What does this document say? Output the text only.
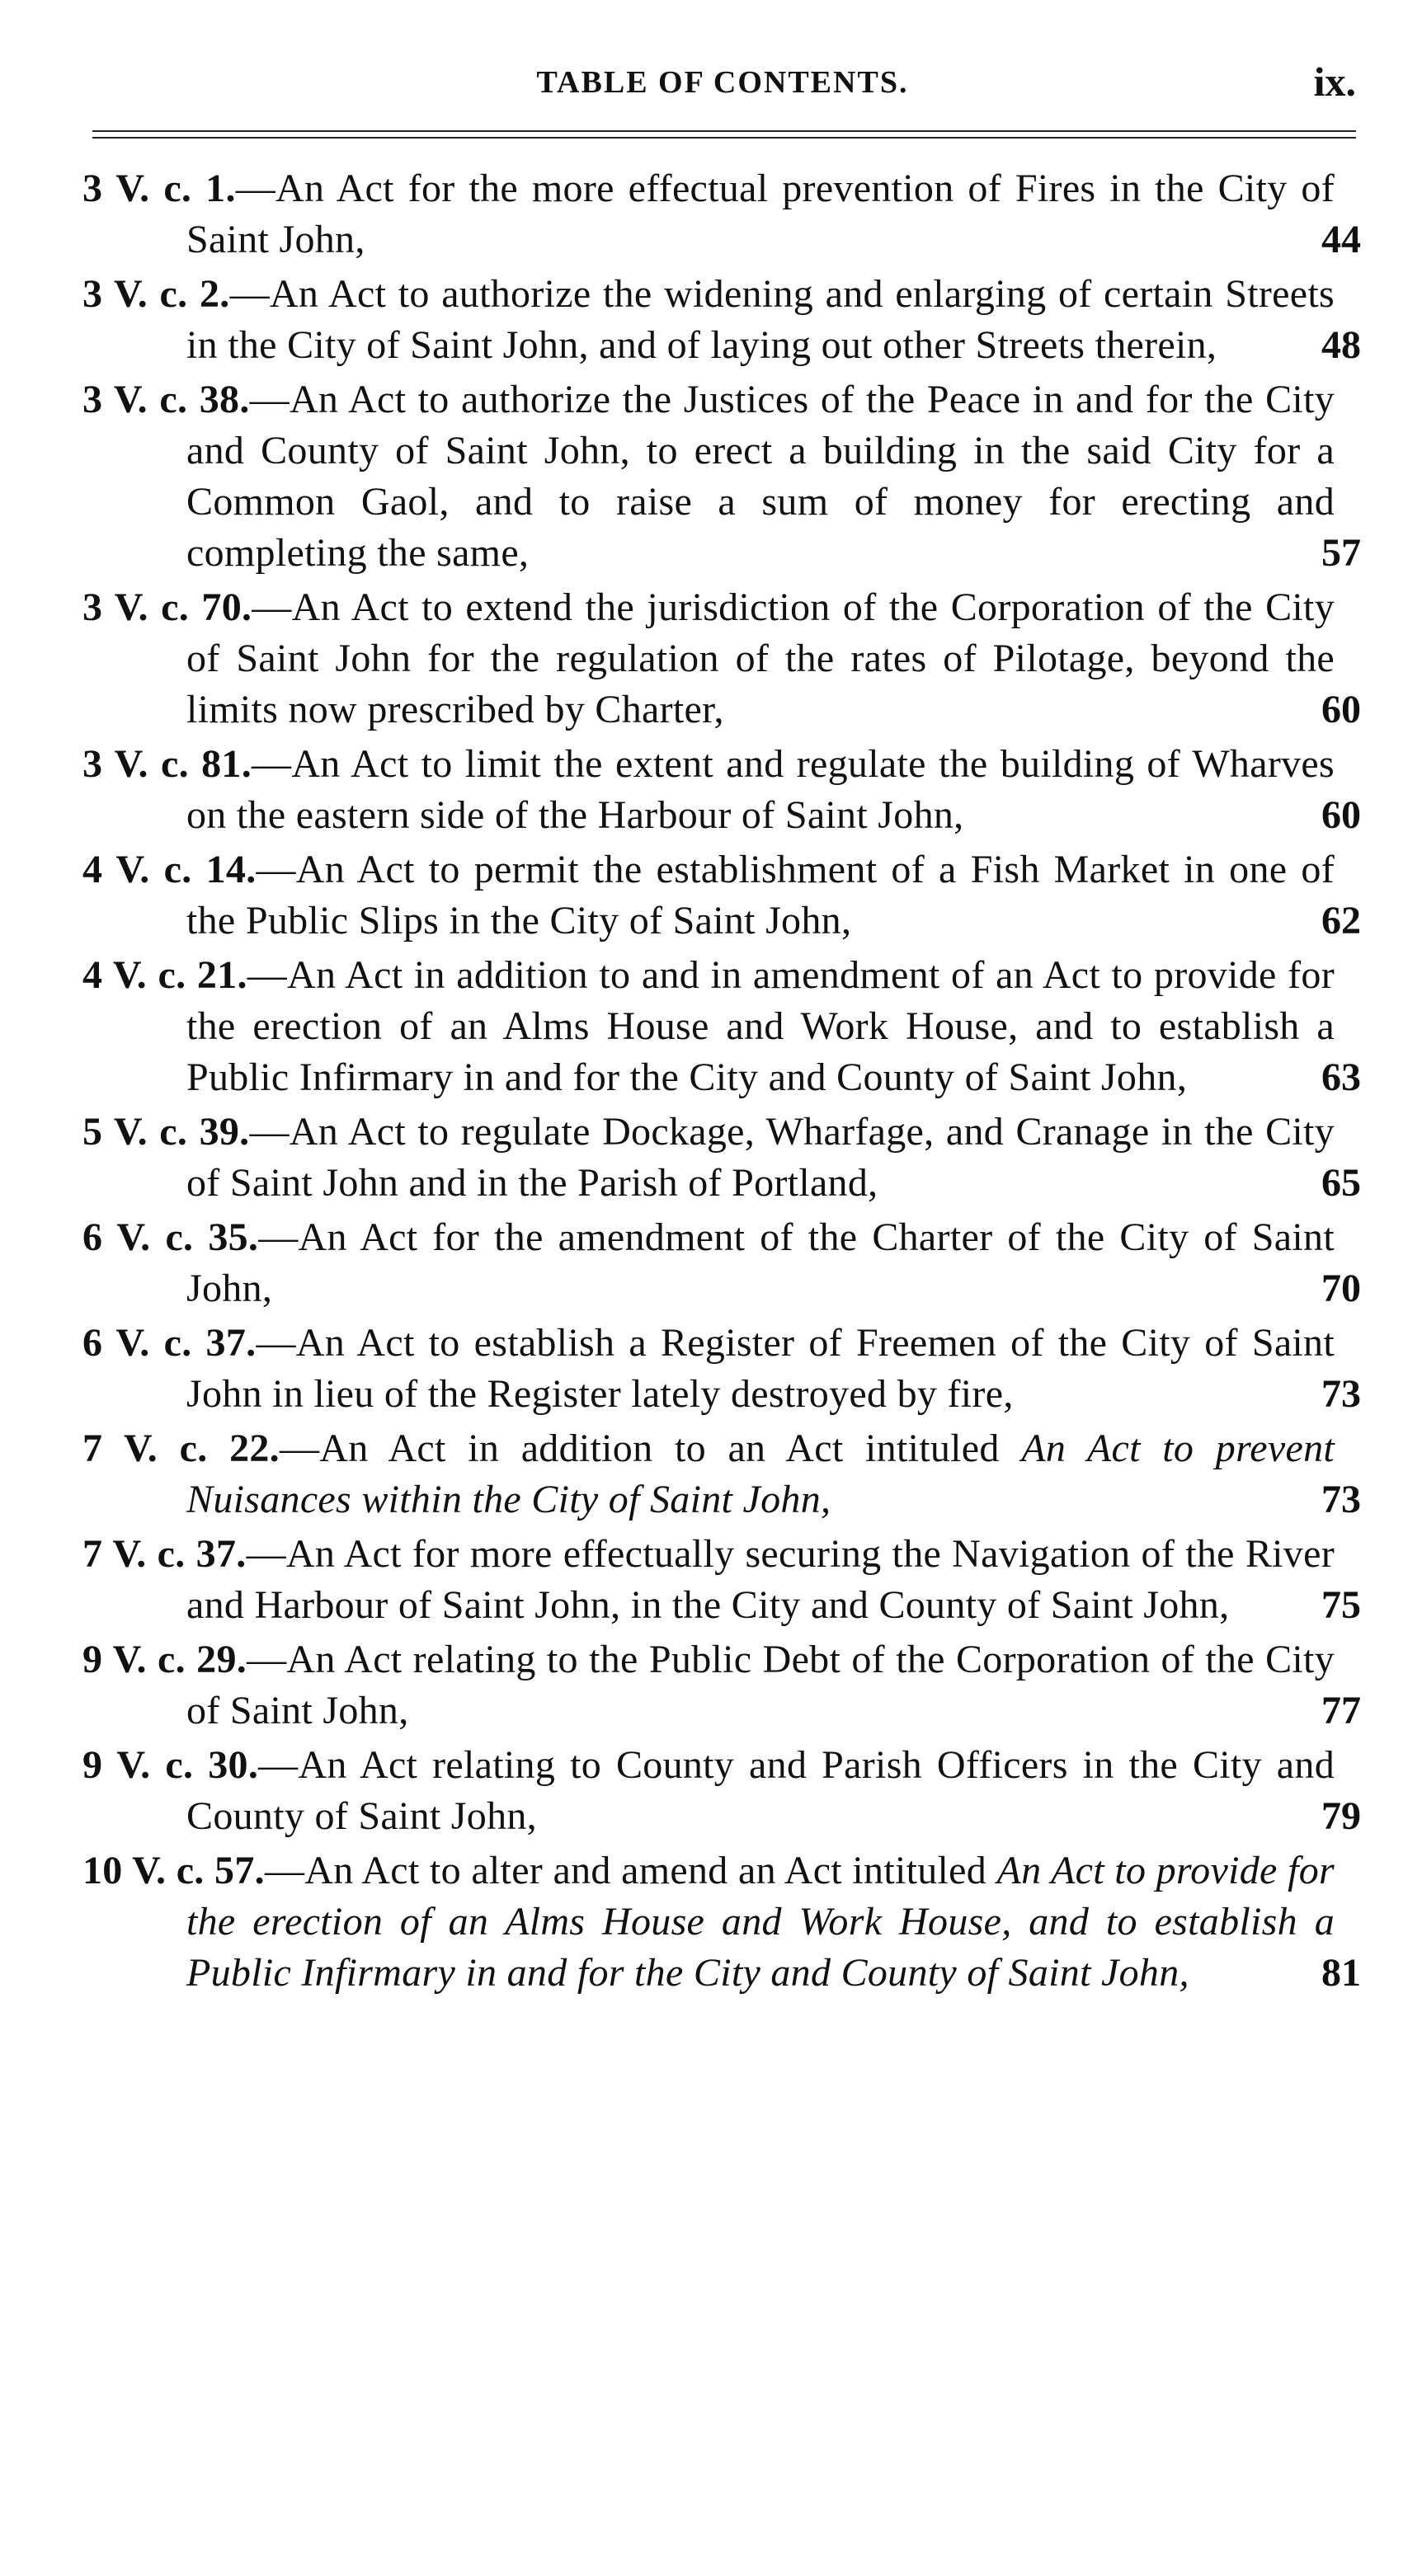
TABLE OF CONTENTS.	ix.
3 V. c. 1.—An Act for the more effectual prevention of Fires in the City of Saint John,	44
3 V. c. 2.—An Act to authorize the widening and enlarging of certain Streets in the City of Saint John, and of laying out other Streets therein,	48
3 V. c. 38.—An Act to authorize the Justices of the Peace in and for the City and County of Saint John, to erect a building in the said City for a Common Gaol, and to raise a sum of money for erecting and completing the same,	57
3 V. c. 70.—An Act to extend the jurisdiction of the Corporation of the City of Saint John for the regulation of the rates of Pilotage, beyond the limits now prescribed by Charter,	60
3 V. c. 81.—An Act to limit the extent and regulate the building of Wharves on the eastern side of the Harbour of Saint John,	60
4 V. c. 14.—An Act to permit the establishment of a Fish Market in one of the Public Slips in the City of Saint John,	62
4 V. c. 21.—An Act in addition to and in amendment of an Act to provide for the erection of an Alms House and Work House, and to establish a Public Infirmary in and for the City and County of Saint John,	63
5 V. c. 39.—An Act to regulate Dockage, Wharfage, and Cranage in the City of Saint John and in the Parish of Portland,	65
6 V. c. 35.—An Act for the amendment of the Charter of the City of Saint John,	70
6 V. c. 37.—An Act to establish a Register of Freemen of the City of Saint John in lieu of the Register lately destroyed by fire,	73
7 V. c. 22.—An Act in addition to an Act intituled An Act to prevent Nuisances within the City of Saint John,	73
7 V. c. 37.—An Act for more effectually securing the Navigation of the River and Harbour of Saint John, in the City and County of Saint John,	75
9 V. c. 29.—An Act relating to the Public Debt of the Corporation of the City of Saint John,	77
9 V. c. 30.—An Act relating to County and Parish Officers in the City and County of Saint John,	79
10 V. c. 57.—An Act to alter and amend an Act intituled An Act to provide for the erection of an Alms House and Work House, and to establish a Public Infirmary in and for the City and County of Saint John,	81
